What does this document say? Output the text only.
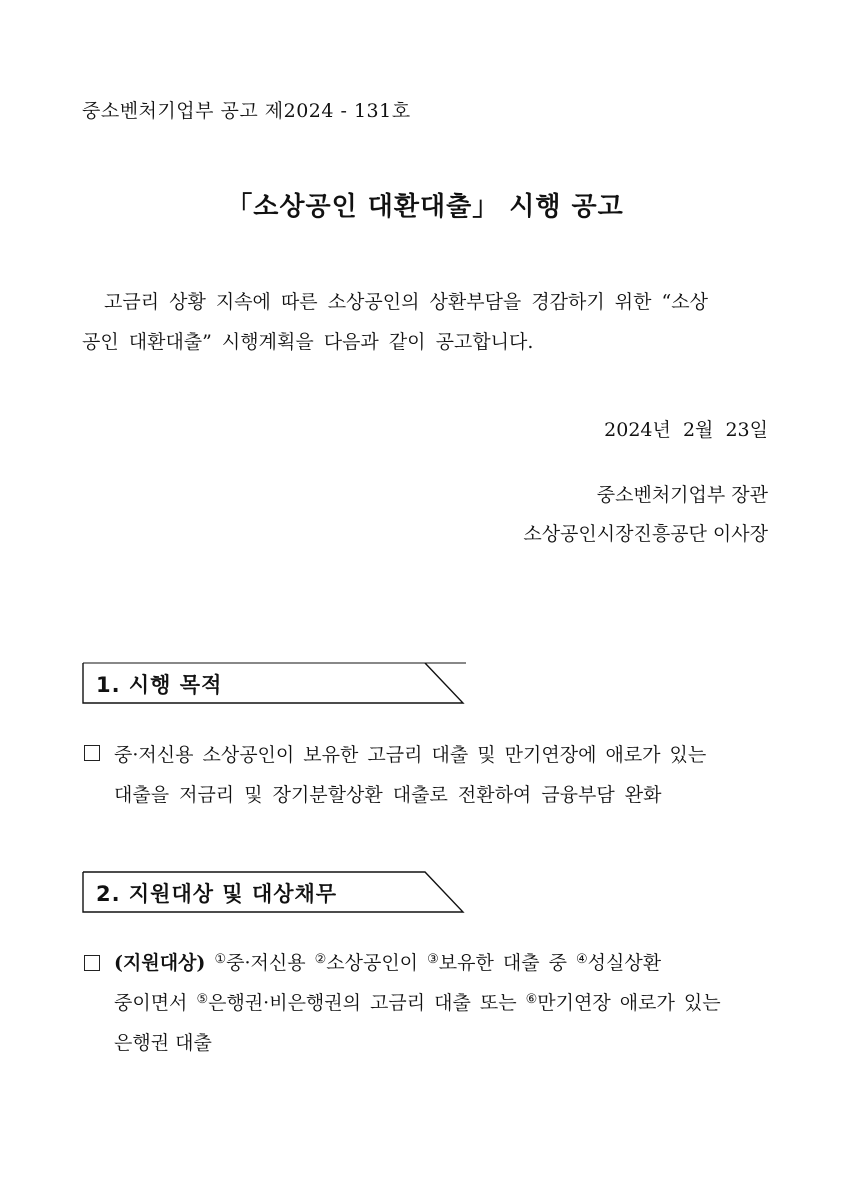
중소벤처기업부 공고 제2024 - 131호
「소상공인 대환대출」 시행 공고
고금리 상황 지속에 따른 소상공인의 상환부담을 경감하기 위한 “소상
공인 대환대출” 시행계획을 다음과 같이 공고합니다.
2024년  2월  23일
중소벤처기업부 장관
소상공인시장진흥공단 이사장
1. 시행 목적
중·저신용 소상공인이 보유한 고금리 대출 및 만기연장에 애로가 있는
대출을 저금리 및 장기분할상환 대출로 전환하여 금융부담 완화
2. 지원대상 및 대상채무
(지원대상) ①중·저신용 ②소상공인이 ③보유한 대출 중 ④성실상환
중이면서 ⑤은행권·비은행권의 고금리 대출 또는 ⑥만기연장 애로가 있는
은행권 대출
